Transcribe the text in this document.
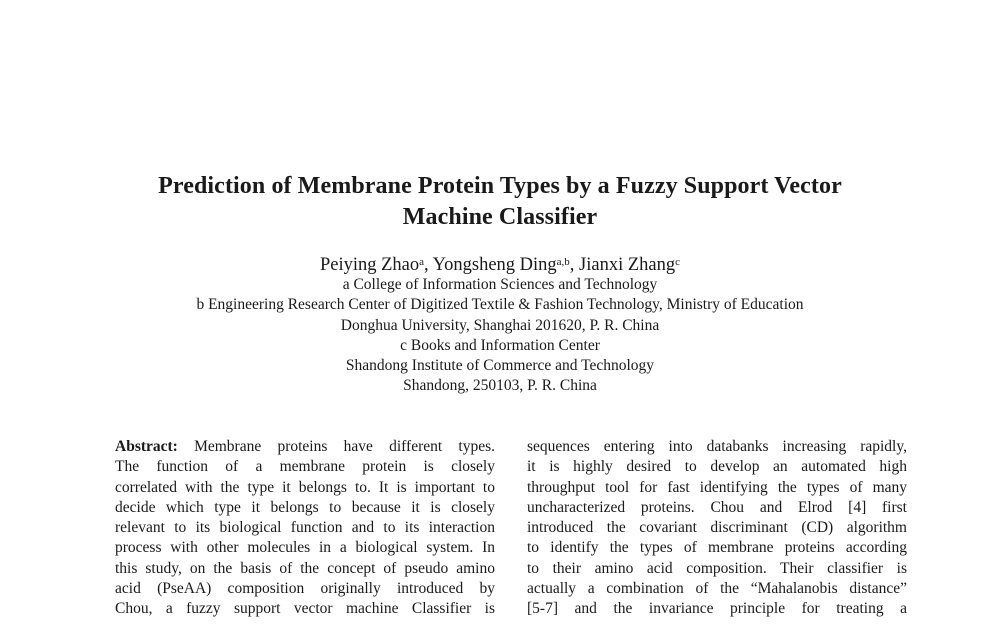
Prediction of Membrane Protein Types by a Fuzzy Support Vector
Machine Classifier
Peiying Zhao$^a$, Yongsheng Ding$^{a,b}$, Jianxi Zhang$^c$
a College of Information Sciences and Technology
b Engineering Research Center of Digitized Textile & Fashion Technology, Ministry of Education
Donghua University, Shanghai 201620, P. R. China
c Books and Information Center
Shandong Institute of Commerce and Technology
Shandong, 250103, P. R. China
Abstract: Membrane proteins have different types.
The function of a membrane protein is closely
correlated with the type it belongs to. It is important to
decide which type it belongs to because it is closely
relevant to its biological function and to its interaction
process with other molecules in a biological system. In
this study, on the basis of the concept of pseudo amino
acid (PseAA) composition originally introduced by
Chou, a fuzzy support vector machine Classifier is
sequences entering into databanks increasing rapidly,
it is highly desired to develop an automated high
throughput tool for fast identifying the types of many
uncharacterized proteins. Chou and Elrod [4] first
introduced the covariant discriminant (CD) algorithm
to identify the types of membrane proteins according
to their amino acid composition. Their classifier is
actually a combination of the “Mahalanobis distance”
[5-7] and the invariance principle for treating a
